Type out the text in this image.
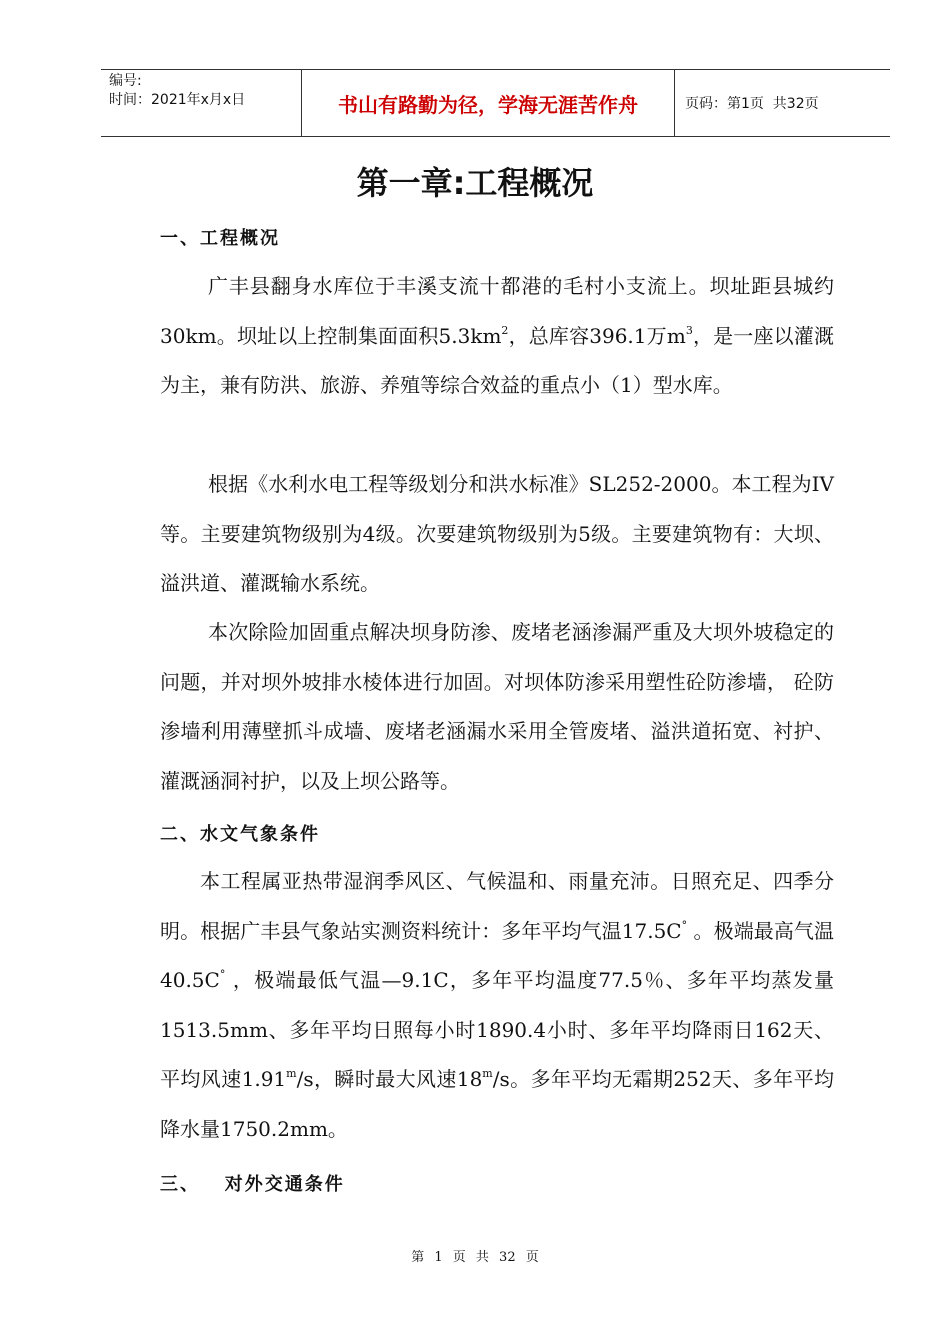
编号:
时间：2021年x月x日	书山有路勤为径，学海无涯苦作舟	页码：第1页  共32页
第一章:工程概况
一、工程概况

广丰县翻身水库位于丰溪支流十都港的毛村小支流上。坝址距县城约30km。坝址以上控制集面面积$5.3km^2$，总库容396.1万$m^3$，是一座以灌溉为主，兼有防洪、旅游、养殖等综合效益的重点小（1）型水库。

根据《水利水电工程等级划分和洪水标准》SL252-2000。本工程为IV等。主要建筑物级别为4级。次要建筑物级别为5级。主要建筑物有：大坝、溢洪道、灌溉输水系统。

本次除险加固重点解决坝身防渗、废堵老涵渗漏严重及大坝外坡稳定的问题，并对坝外坡排水棱体进行加固。对坝体防渗采用塑性砼防渗墙， 砼防渗墙利用薄壁抓斗成墙、废堵老涵漏水采用全管废堵、溢洪道拓宽、衬护、灌溉涵洞衬护，以及上坝公路等。

二、水文气象条件

本工程属亚热带湿润季风区、气候温和、雨量充沛。日照充足、四季分明。根据广丰县气象站实测资料统计：多年平均气温17.5C° 。极端最高气温40.5C° ，极端最低气温—9.1C，多年平均温度77.5％、多年平均蒸发量1513.5mm、多年平均日照每小时1890.4小时、多年平均降雨日162天、平均风速1.91$^m$/s，瞬时最大风速18$^m$/s。多年平均无霜期252天、多年平均降水量1750.2mm。

三、   对外交通条件
第 1 页 共 32 页
